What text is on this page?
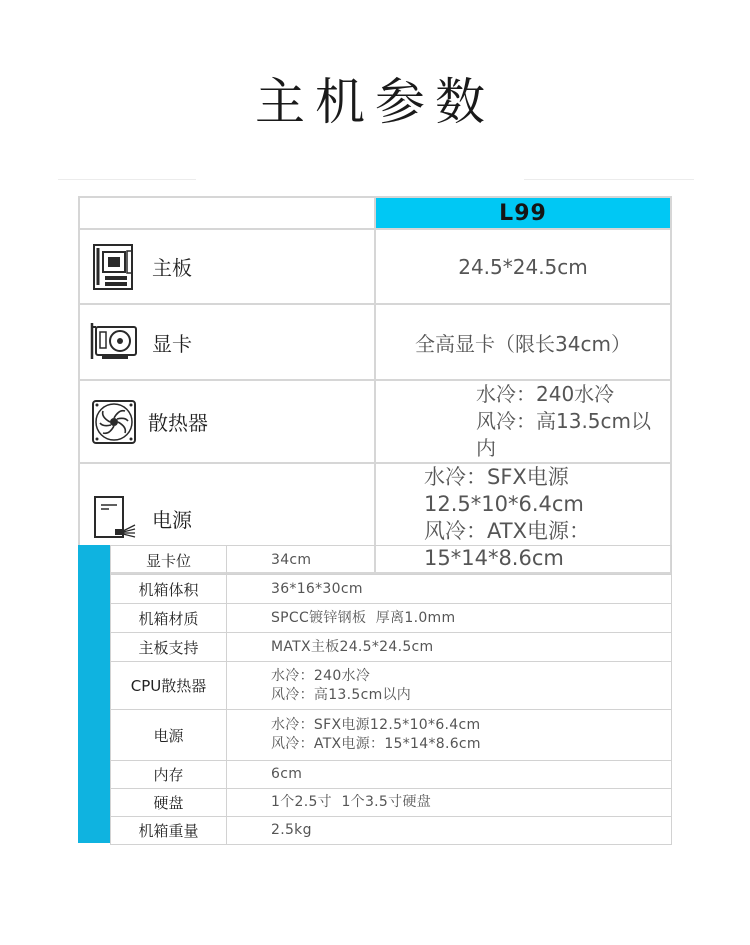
主机参数
	L99

主板	24.5*24.5cm

显卡	全高显卡（限长34cm）

散热器	水冷：240水冷
风冷：高13.5cm以内

电源	水冷：SFX电源12.5*10*6.4cm
风冷：ATX电源：15*14*8.6cm
显卡位	34cm

机箱体积	36*16*30cm

机箱材质	SPCC镀锌钢板  厚离1.0mm

主板支持	MATX主板24.5*24.5cm

CPU散热器	水冷：240水冷
风冷：高13.5cm以内

电源	水冷：SFX电源12.5*10*6.4cm
风冷：ATX电源：15*14*8.6cm

内存	6cm

硬盘	1个2.5寸  1个3.5寸硬盘

机箱重量	2.5kg
